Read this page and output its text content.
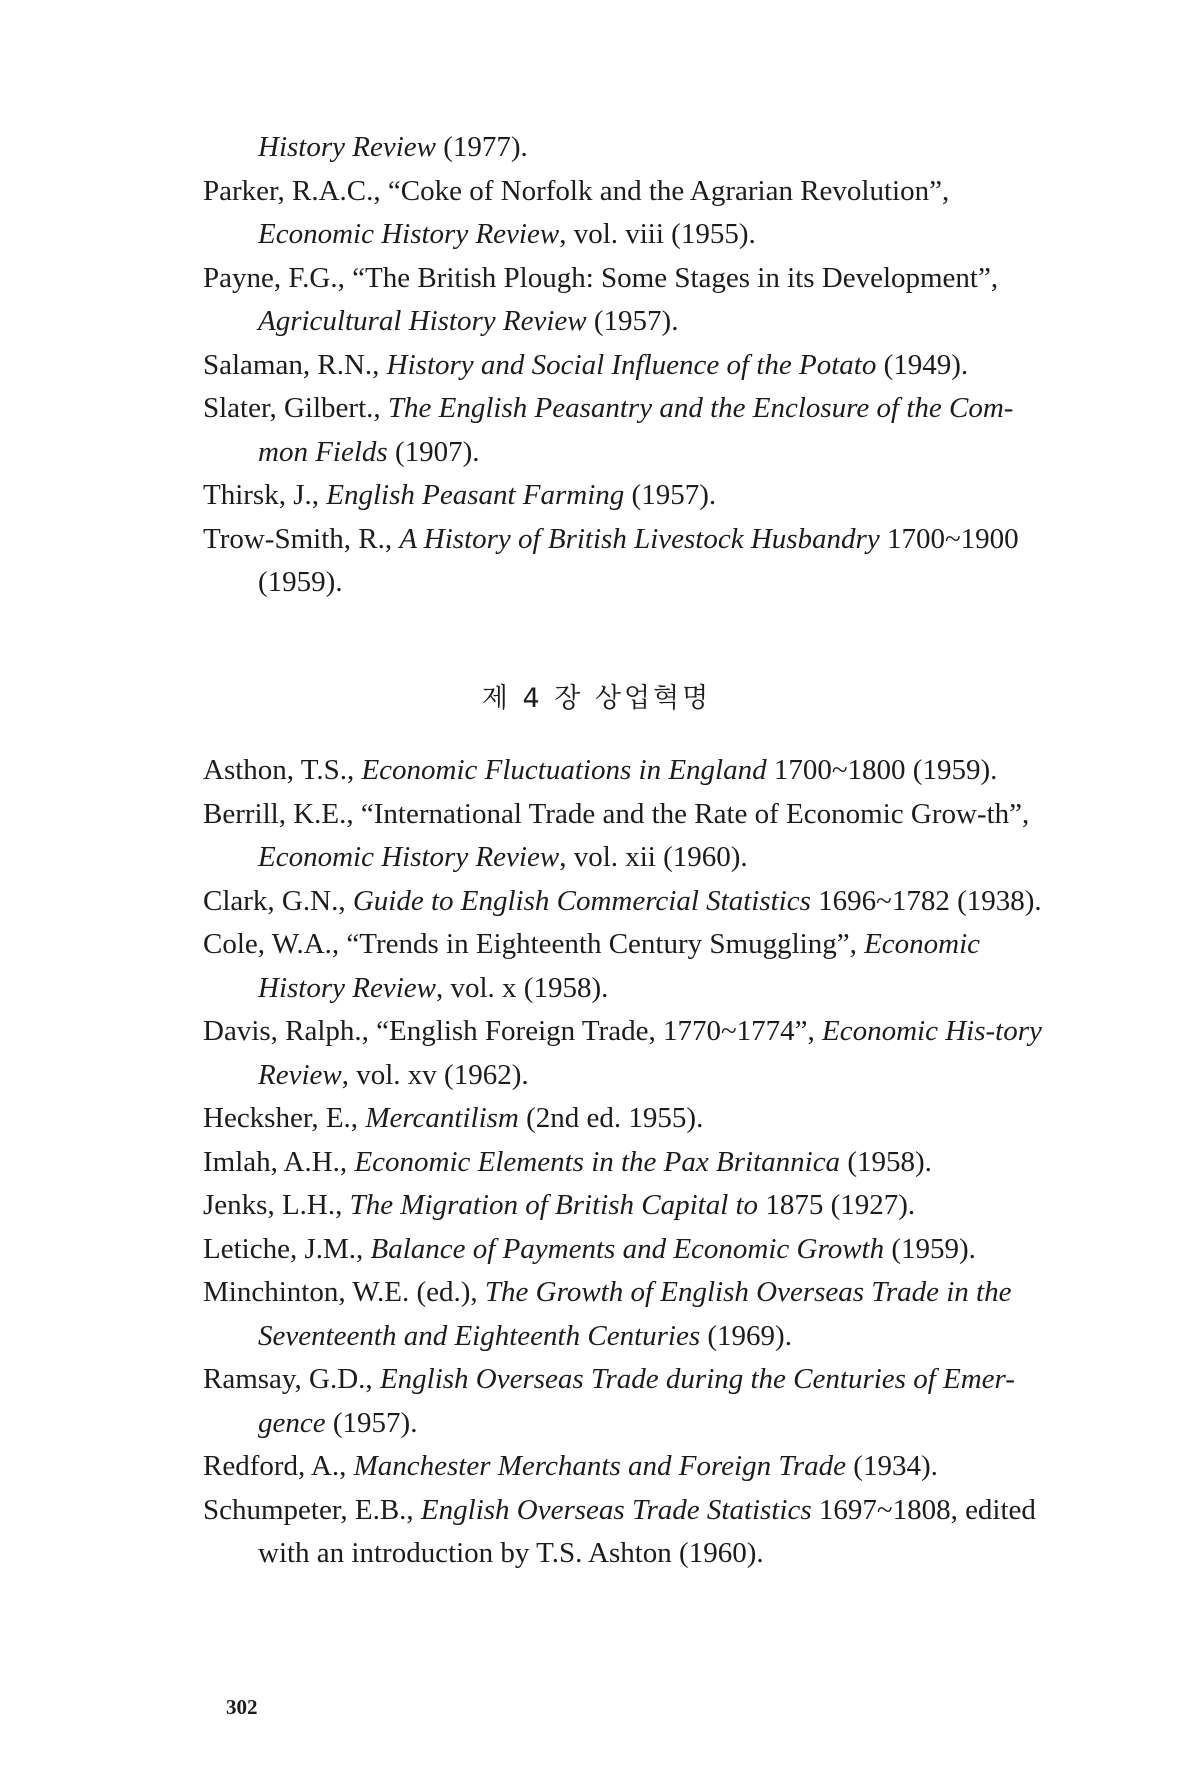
History Review (1977).
Parker, R.A.C., “Coke of Norfolk and the Agrarian Revolution”, Economic History Review, vol. viii (1955).
Payne, F.G., “The British Plough: Some Stages in its Development”, Agricultural History Review (1957).
Salaman, R.N., History and Social Influence of the Potato (1949).
Slater, Gilbert., The English Peasantry and the Enclosure of the Com-mon Fields (1907).
Thirsk, J., English Peasant Farming (1957).
Trow-Smith, R., A History of British Livestock Husbandry 1700~1900 (1959).
제 4 장 상업혁명
Asthon, T.S., Economic Fluctuations in England 1700~1800 (1959).
Berrill, K.E., “International Trade and the Rate of Economic Grow-th”, Economic History Review, vol. xii (1960).
Clark, G.N., Guide to English Commercial Statistics 1696~1782 (1938).
Cole, W.A., “Trends in Eighteenth Century Smuggling”, Economic History Review, vol. x (1958).
Davis, Ralph., “English Foreign Trade, 1770~1774”, Economic His-tory Review, vol. xv (1962).
Hecksher, E., Mercantilism (2nd ed. 1955).
Imlah, A.H., Economic Elements in the Pax Britannica (1958).
Jenks, L.H., The Migration of British Capital to 1875 (1927).
Letiche, J.M., Balance of Payments and Economic Growth (1959).
Minchinton, W.E. (ed.), The Growth of English Overseas Trade in the Seventeenth and Eighteenth Centuries (1969).
Ramsay, G.D., English Overseas Trade during the Centuries of Emer-gence (1957).
Redford, A., Manchester Merchants and Foreign Trade (1934).
Schumpeter, E.B., English Overseas Trade Statistics 1697~1808, edited with an introduction by T.S. Ashton (1960).
302
